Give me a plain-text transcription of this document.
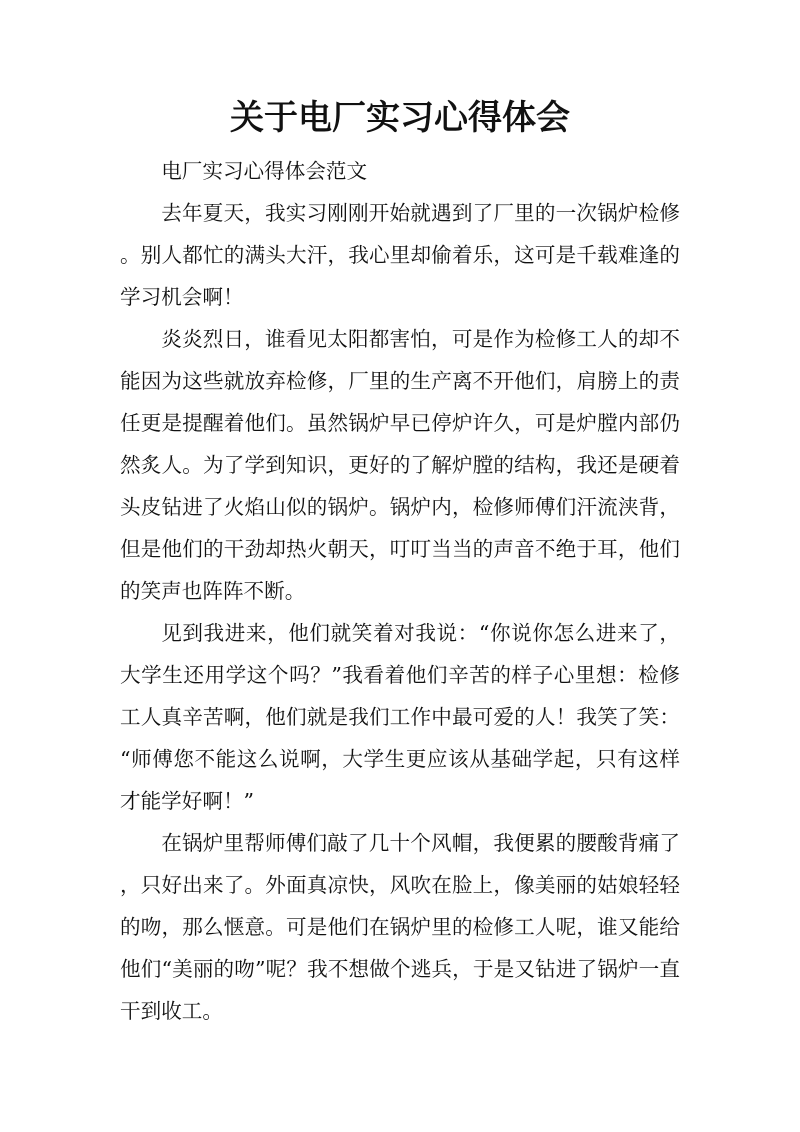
关于电厂实习心得体会

电厂实习心得体会范文

去年夏天，我实习刚刚开始就遇到了厂里的一次锅炉检修。别人都忙的满头大汗，我心里却偷着乐，这可是千载难逢的学习机会啊！

炎炎烈日，谁看见太阳都害怕，可是作为检修工人的却不能因为这些就放弃检修，厂里的生产离不开他们，肩膀上的责任更是提醒着他们。虽然锅炉早已停炉许久，可是炉膛内部仍然炙人。为了学到知识，更好的了解炉膛的结构，我还是硬着头皮钻进了火焰山似的锅炉。锅炉内，检修师傅们汗流浃背，但是他们的干劲却热火朝天，叮叮当当的声音不绝于耳，他们的笑声也阵阵不断。

见到我进来，他们就笑着对我说：“你说你怎么进来了，大学生还用学这个吗？”我看着他们辛苦的样子心里想：检修工人真辛苦啊，他们就是我们工作中最可爱的人！我笑了笑：“师傅您不能这么说啊，大学生更应该从基础学起，只有这样才能学好啊！”

在锅炉里帮师傅们敲了几十个风帽，我便累的腰酸背痛了，只好出来了。外面真凉快，风吹在脸上，像美丽的姑娘轻轻的吻，那么惬意。可是他们在锅炉里的检修工人呢，谁又能给他们“美丽的吻”呢？我不想做个逃兵，于是又钻进了锅炉一直干到收工。
